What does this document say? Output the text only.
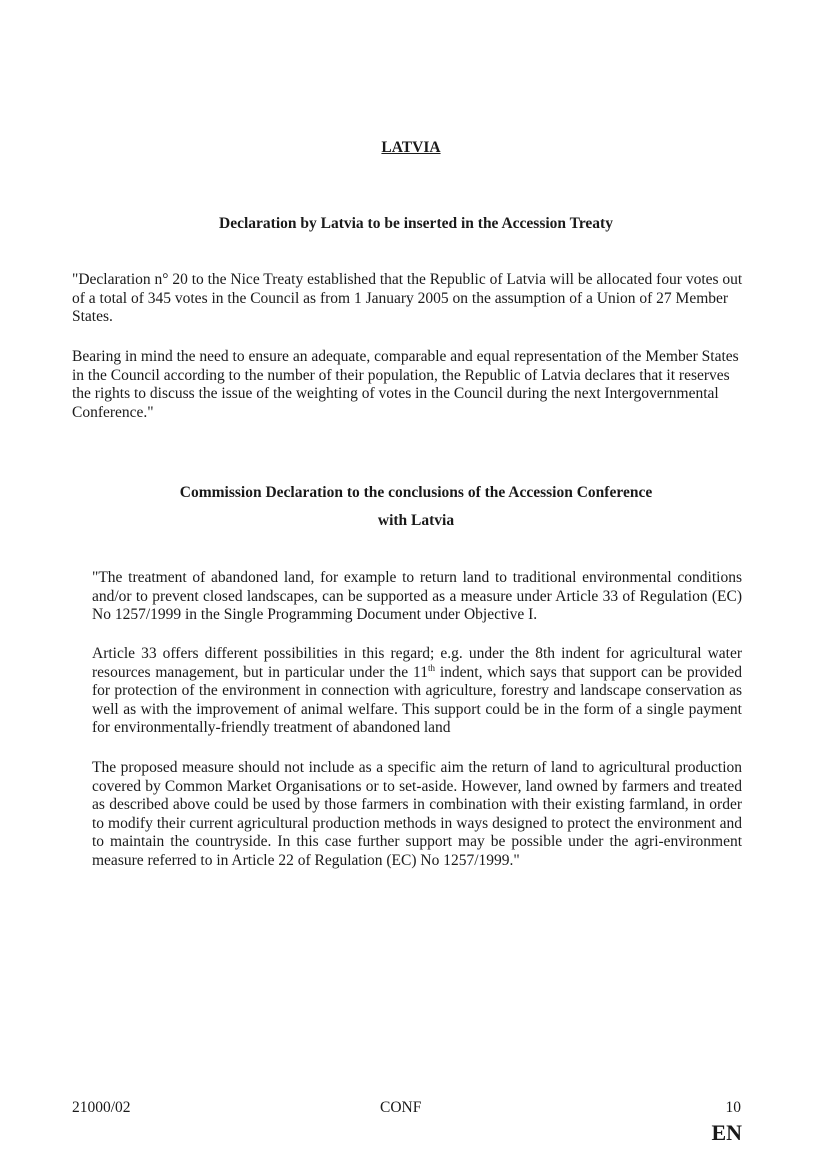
LATVIA
Declaration by Latvia to be inserted in the Accession Treaty

"Declaration n° 20 to the Nice Treaty established that the Republic of Latvia will be allocated four votes out of a total of 345 votes in the Council as from 1 January 2005 on the assumption of a Union of 27 Member States.

Bearing in mind the need to ensure an adequate, comparable and equal representation of the Member States in the Council according to the number of their population, the Republic of Latvia declares that it reserves the rights to discuss the issue of the weighting of votes in the Council during the next Intergovernmental Conference."

Commission Declaration to the conclusions of the Accession Conference
with Latvia

"The treatment of abandoned land, for example to return land to traditional environmental conditions and/or to prevent closed landscapes, can be supported as a measure under Article 33 of Regulation (EC) No 1257/1999 in the Single Programming Document under Objective I.

Article 33 offers different possibilities in this regard; e.g. under the 8th indent for agricultural water resources management, but in particular under the 11th indent, which says that support can be provided for protection of the environment in connection with agriculture, forestry and landscape conservation as well as with the improvement of animal welfare. This support could be in the form of a single payment for environmentally-friendly treatment of abandoned land

The proposed measure should not include as a specific aim the return of land to agricultural production covered by Common Market Organisations or to set-aside. However, land owned by farmers and treated as described above could be used by those farmers in combination with their existing farmland, in order to modify their current agricultural production methods in ways designed to protect the environment and to maintain the countryside. In this case further support may be possible under the agri-environment measure referred to in Article 22 of Regulation (EC) No 1257/1999."

21000/02	CONF	10
EN
